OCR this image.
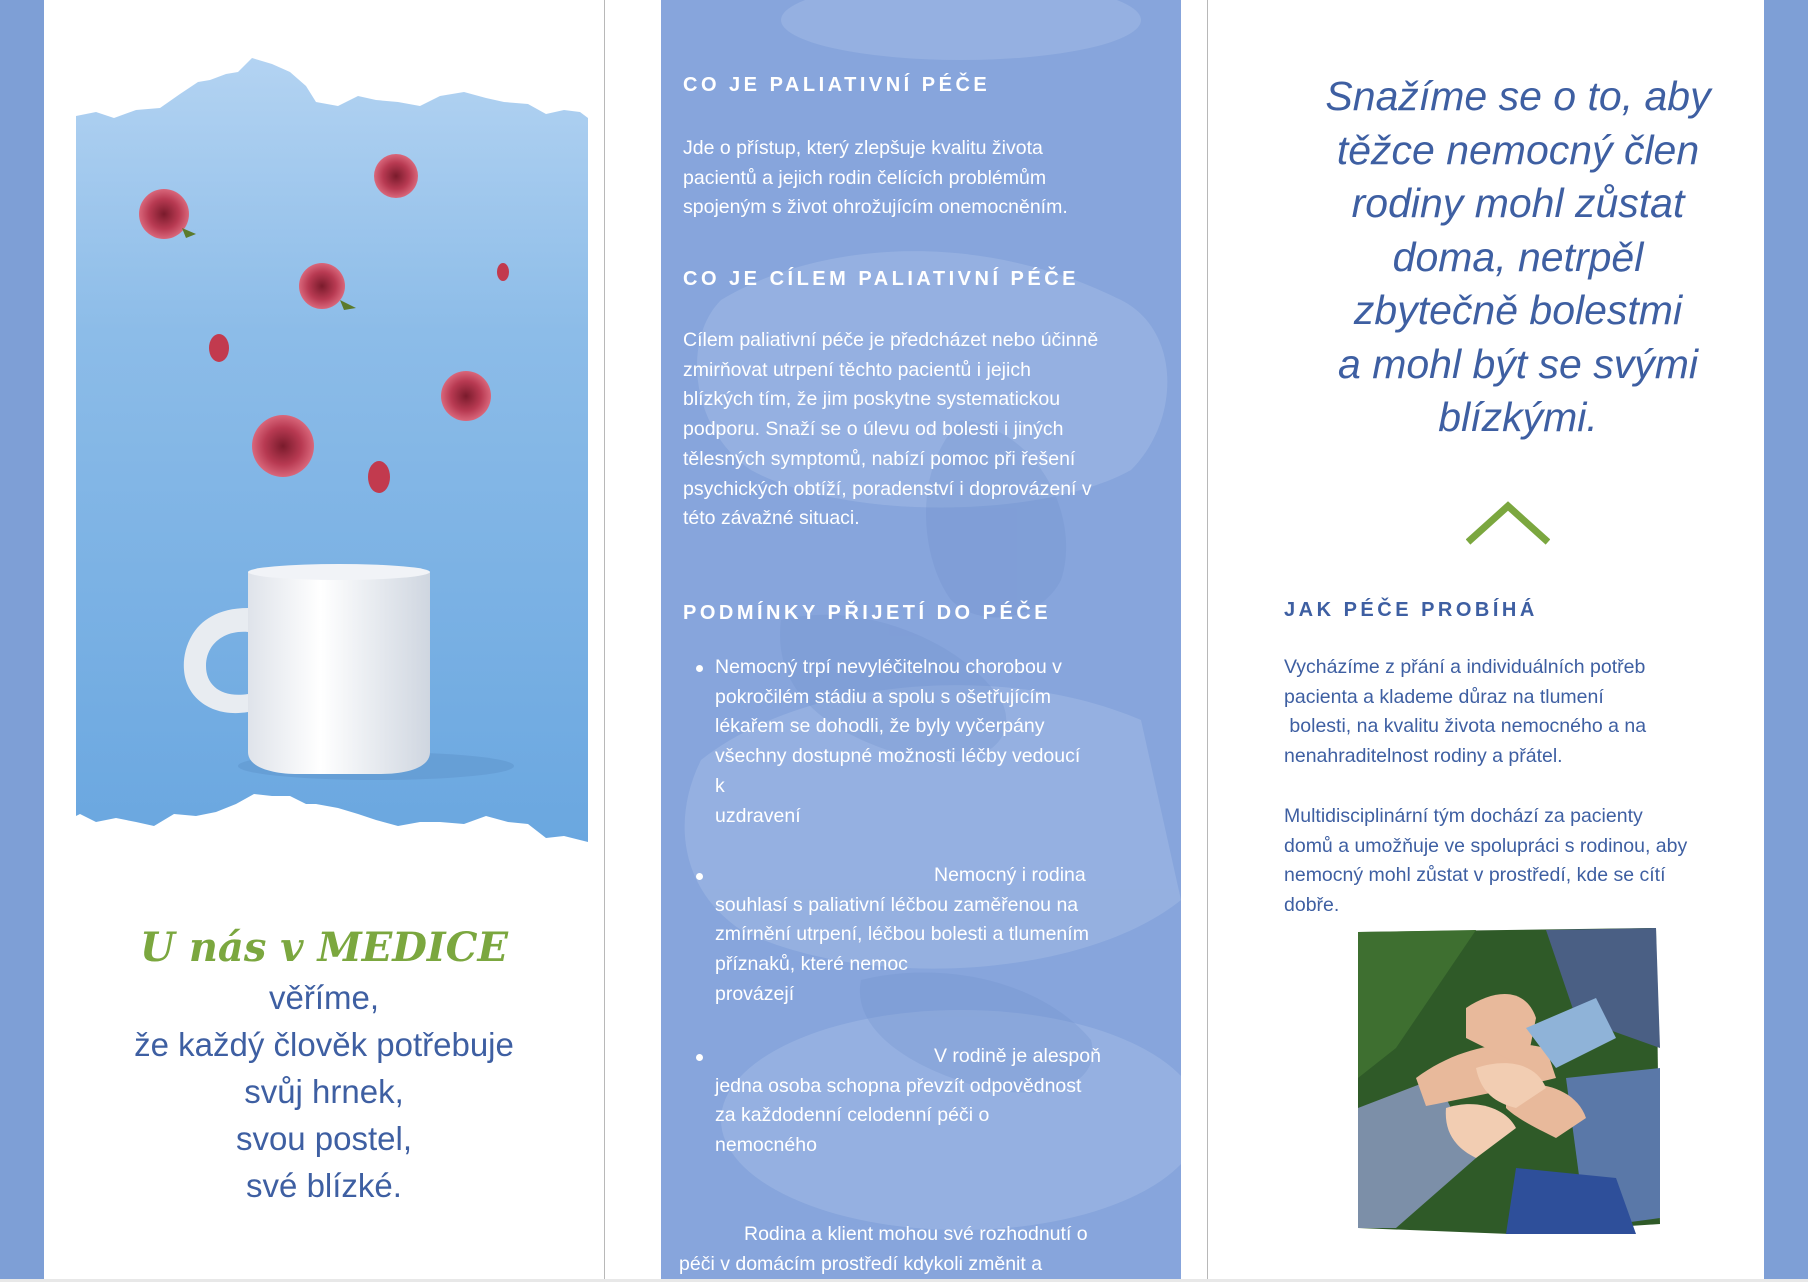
U nás v MEDICE
věříme,
že každý člověk potřebuje
svůj hrnek,
svou postel,
své blízké.
CO JE PALIATIVNÍ PÉČE
Jde o přístup, který zlepšuje kvalitu života
pacientů a jejich rodin čelících problémům
spojeným s život ohrožujícím onemocněním.
CO JE CÍLEM PALIATIVNÍ PÉČE
Cílem paliativní péče je předcházet nebo účinně
zmirňovat utrpení těchto pacientů i jejich
blízkých tím, že jim poskytne systematickou
podporu. Snaží se o úlevu od bolesti i jiných
tělesných symptomů, nabízí pomoc při řešení
psychických obtíží, poradenství i doprovázení v
této závažné situaci.
PODMÍNKY PŘIJETÍ DO PÉČE
Nemocný trpí nevyléčitelnou chorobou v
pokročilém stádiu a spolu s ošetřujícím
lékařem se dohodli, že byly vyčerpány
všechny dostupné možnosti léčby vedoucí
k
uzdravení
Nemocný i rodina
souhlasí s paliativní léčbou zaměřenou na
zmírnění utrpení, léčbou bolesti a tlumením
příznaků, které nemoc
provázejí
V rodině je alespoň
jedna osoba schopna převzít odpovědnost
za každodenní celodenní péči o
nemocného
Rodina a klient mohou své rozhodnutí o
péči v domácím prostředí kdykoli změnit a
Snažíme se o to, aby
těžce nemocný člen
rodiny mohl zůstat
doma, netrpěl
zbytečně bolestmi
a mohl být se svými
blízkými.
JAK PÉČE PROBÍHÁ
Vycházíme z přání a individuálních potřeb
pacienta a klademe důraz na tlumení
bolesti, na kvalitu života nemocného a na
nenahraditelnost rodiny a přátel.
Multidisciplinární tým dochází za pacienty
domů a umožňuje ve spolupráci s rodinou, aby
nemocný mohl zůstat v prostředí, kde se cítí
dobře.
